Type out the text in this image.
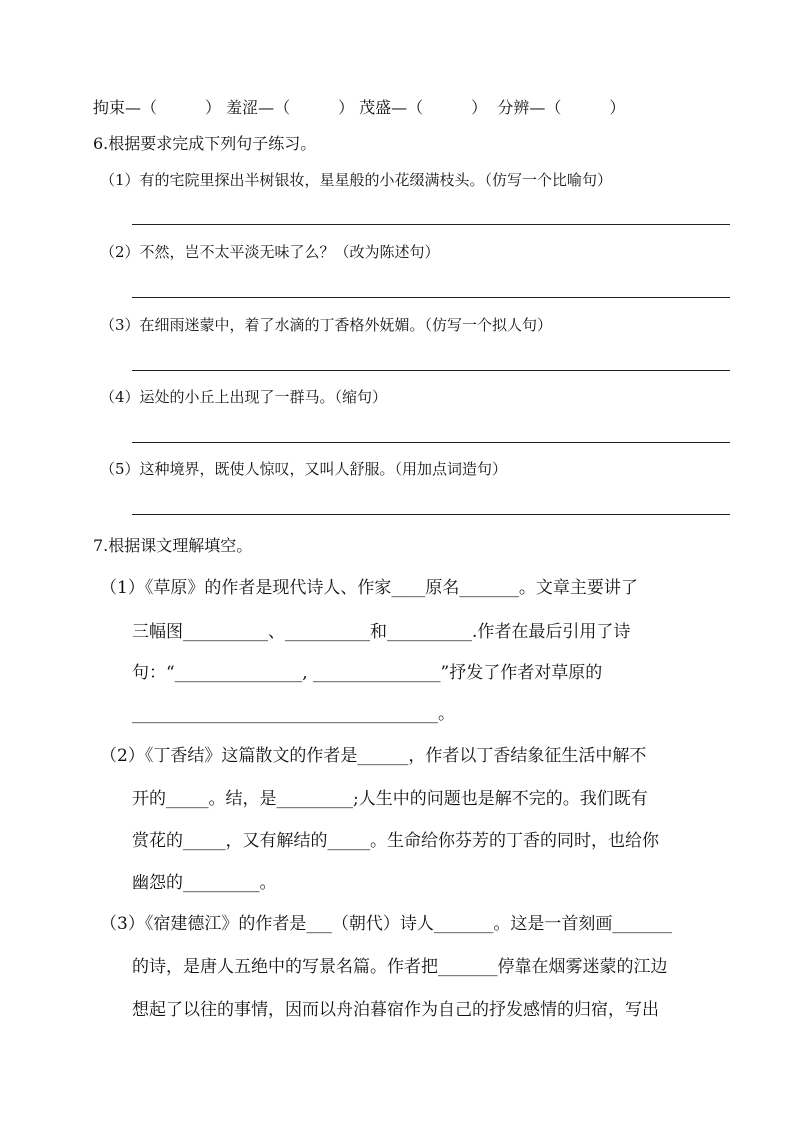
拘束—（　　　） 羞涩—（　　　） 茂盛—（　　　）  分辨—（　　　）
6.根据要求完成下列句子练习。
（1）有的宅院里探出半树银妆，星星般的小花缀满枝头。（仿写一个比喻句）
（2）不然，岂不太平淡无味了么？（改为陈述句）
（3）在细雨迷蒙中，着了水滴的丁香格外妩媚。（仿写一个拟人句）
（4）运处的小丘上出现了一群马。（缩句）
（5）这种境界，既使人惊叹，又叫人舒服。（用加点词造句）
7.根据课文理解填空。
（1）《草原》的作者是现代诗人、作家____原名_______。文章主要讲了
三幅图__________、__________和__________.作者在最后引用了诗
句：“_______________, _______________”抒发了作者对草原的
____________________________________。
（2）《丁香结》这篇散文的作者是______，作者以丁香结象征生活中解不
开的_____。结，是_________;人生中的问题也是解不完的。我们既有
赏花的_____，又有解结的_____。生命给你芬芳的丁香的同时，也给你
幽怨的_________。
（3）《宿建德江》的作者是___（朝代）诗人_______。这是一首刻画_______
的诗，是唐人五绝中的写景名篇。作者把_______停靠在烟雾迷蒙的江边
想起了以往的事情，因而以舟泊暮宿作为自己的抒发感情的归宿，写出
